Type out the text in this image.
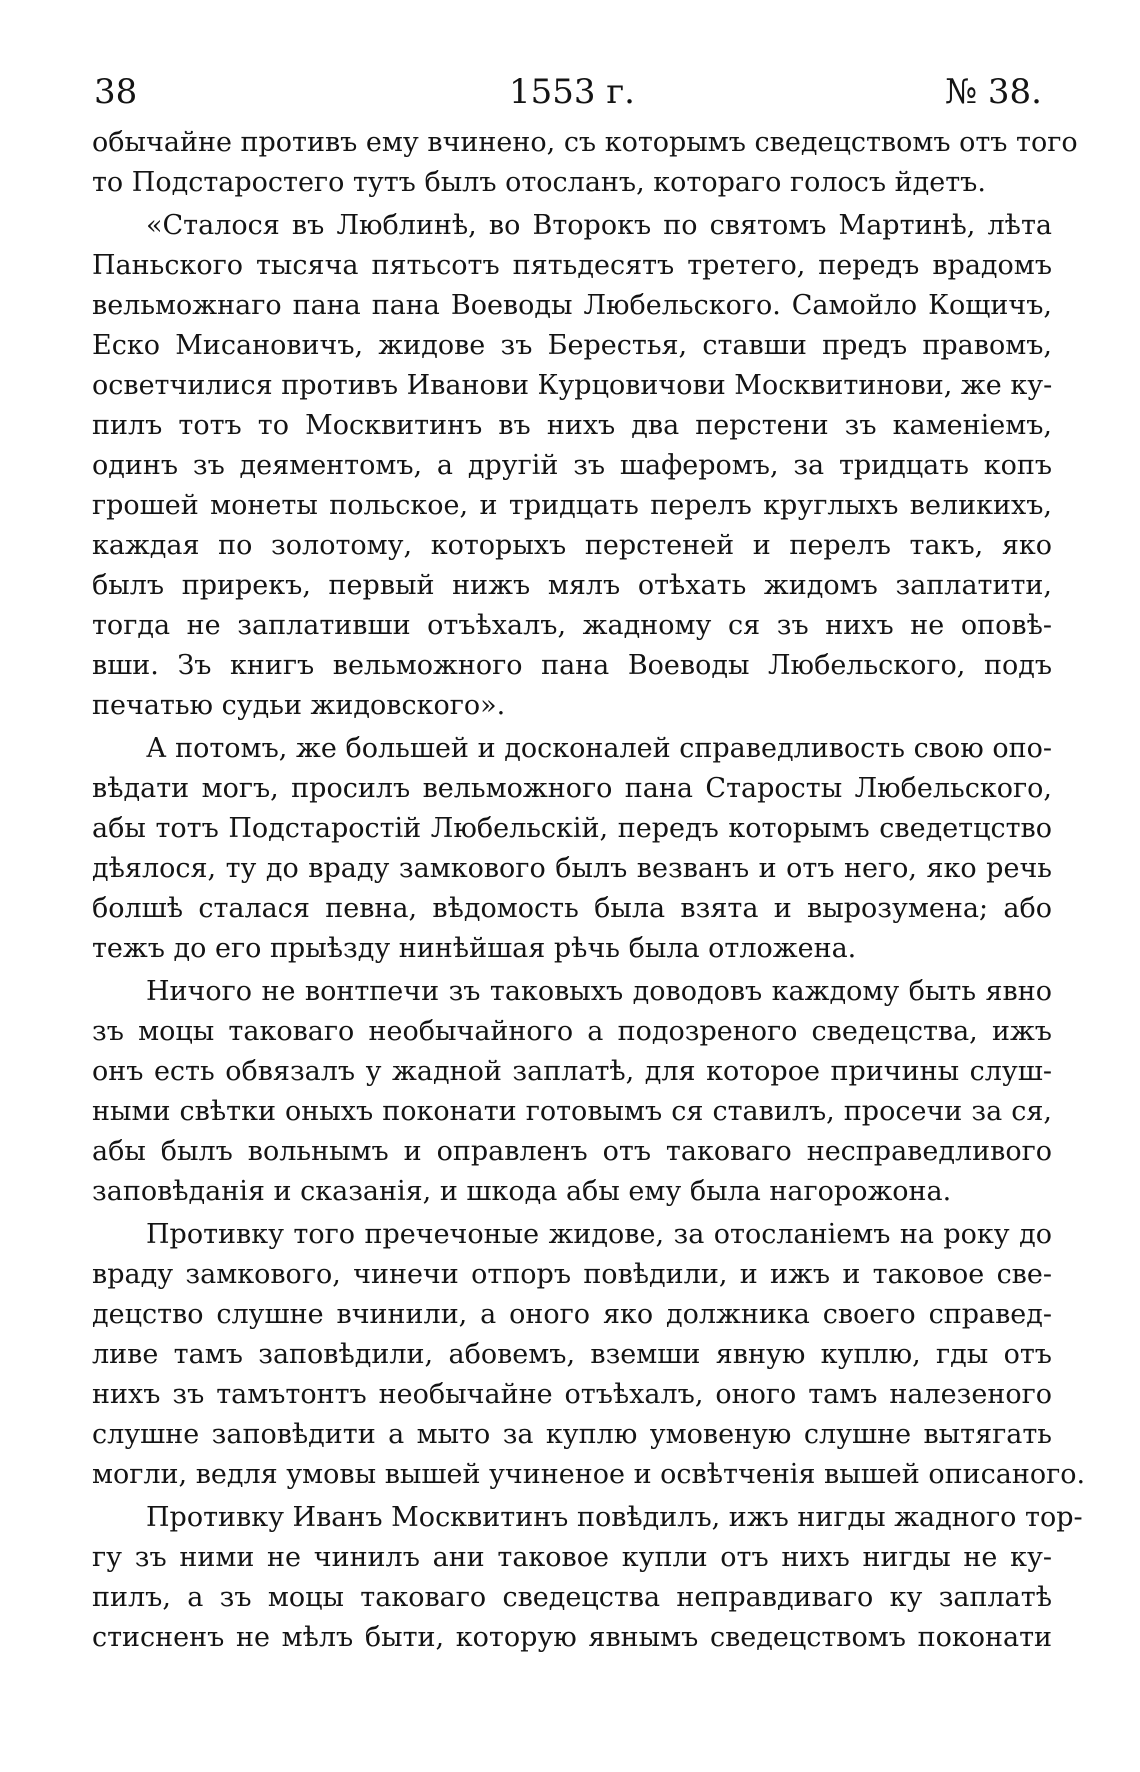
38	1553 г.	№ 38.
обычайне противъ ему вчинено, съ которымъ сведецствомъ отъ того
то Подстаростего тутъ былъ отосланъ, котораго голосъ йдетъ.
«Сталося въ Люблинѣ, во Второкъ по святомъ Мартинѣ, лѣта
Паньского тысяча пятьсотъ пятьдесятъ третего, передъ врадомъ
вельможнаго пана пана Воеводы Любельского. Самойло Кощичъ,
Еско Мисановичъ, жидове зъ Берестья, ставши предъ правомъ,
осветчилися противъ Иванови Курцовичови Москвитинови, же ку-
пилъ тотъ то Москвитинъ въ нихъ два перстени зъ каменіемъ,
одинъ зъ деяментомъ, а другій зъ шаферомъ, за тридцать копъ
грошей монеты польское, и тридцать перелъ круглыхъ великихъ,
каждая по золотому, которыхъ перстеней и перелъ такъ, яко
былъ прирекъ, первый нижъ мялъ отѣхать жидомъ заплатити,
тогда не заплативши отъѣхалъ, жадному ся зъ нихъ не оповѣ-
вши. Зъ книгъ вельможного пана Воеводы Любельского, подъ
печатью судьи жидовского».
А потомъ, же большей и досконалей справедливость свою опо-
вѣдати могъ, просилъ вельможного пана Старосты Любельского,
абы тотъ Подстаростій Любельскій, передъ которымъ сведетцство
дѣялося, ту до вpаду замкового былъ везванъ и отъ него, яко речь
болшѣ сталася певна, вѣдомость была взята и вырозумена; або
тежъ до его прыѣзду нинѣйшая рѣчь была отложена.
Ничого не вонтпечи зъ таковыхъ доводовъ каждому быть явно
зъ моцы таковаго необычайного а подозреного сведецства, ижъ
онъ есть обвязалъ у жадной заплатѣ, для которое причины слуш-
ными свѣтки оныхъ поконати готовымъ ся ставилъ, просечи за ся,
абы былъ вольнымъ и оправленъ отъ таковаго несправедливого
заповѣданія и сказанія, и шкода абы ему была нагорожона.
Противку того пречечоные жидове, за отосланіемъ на року до
враду замкового, чинечи отпоръ повѣдили, и ижъ и таковое све-
децство слушне вчинили, а оного яко должника своего справед-
ливе тамъ заповѣдили, абовемъ, вземши явную куплю, гды отъ
нихъ зъ тамътонтъ необычайне отъѣхалъ, оного тамъ налезеного
слушне заповѣдити а мыто за куплю умовеную слушне вытягать
могли, ведля умовы вышей учиненое и освѣтченія вышей описаного.
Противку Иванъ Москвитинъ повѣдилъ, ижъ нигды жадного тор-
гу зъ ними не чинилъ ани таковое купли отъ нихъ нигды не ку-
пилъ, а зъ моцы таковаго сведецства неправдиваго ку заплатѣ
стисненъ не мѣлъ быти, которую явнымъ сведецствомъ поконати
